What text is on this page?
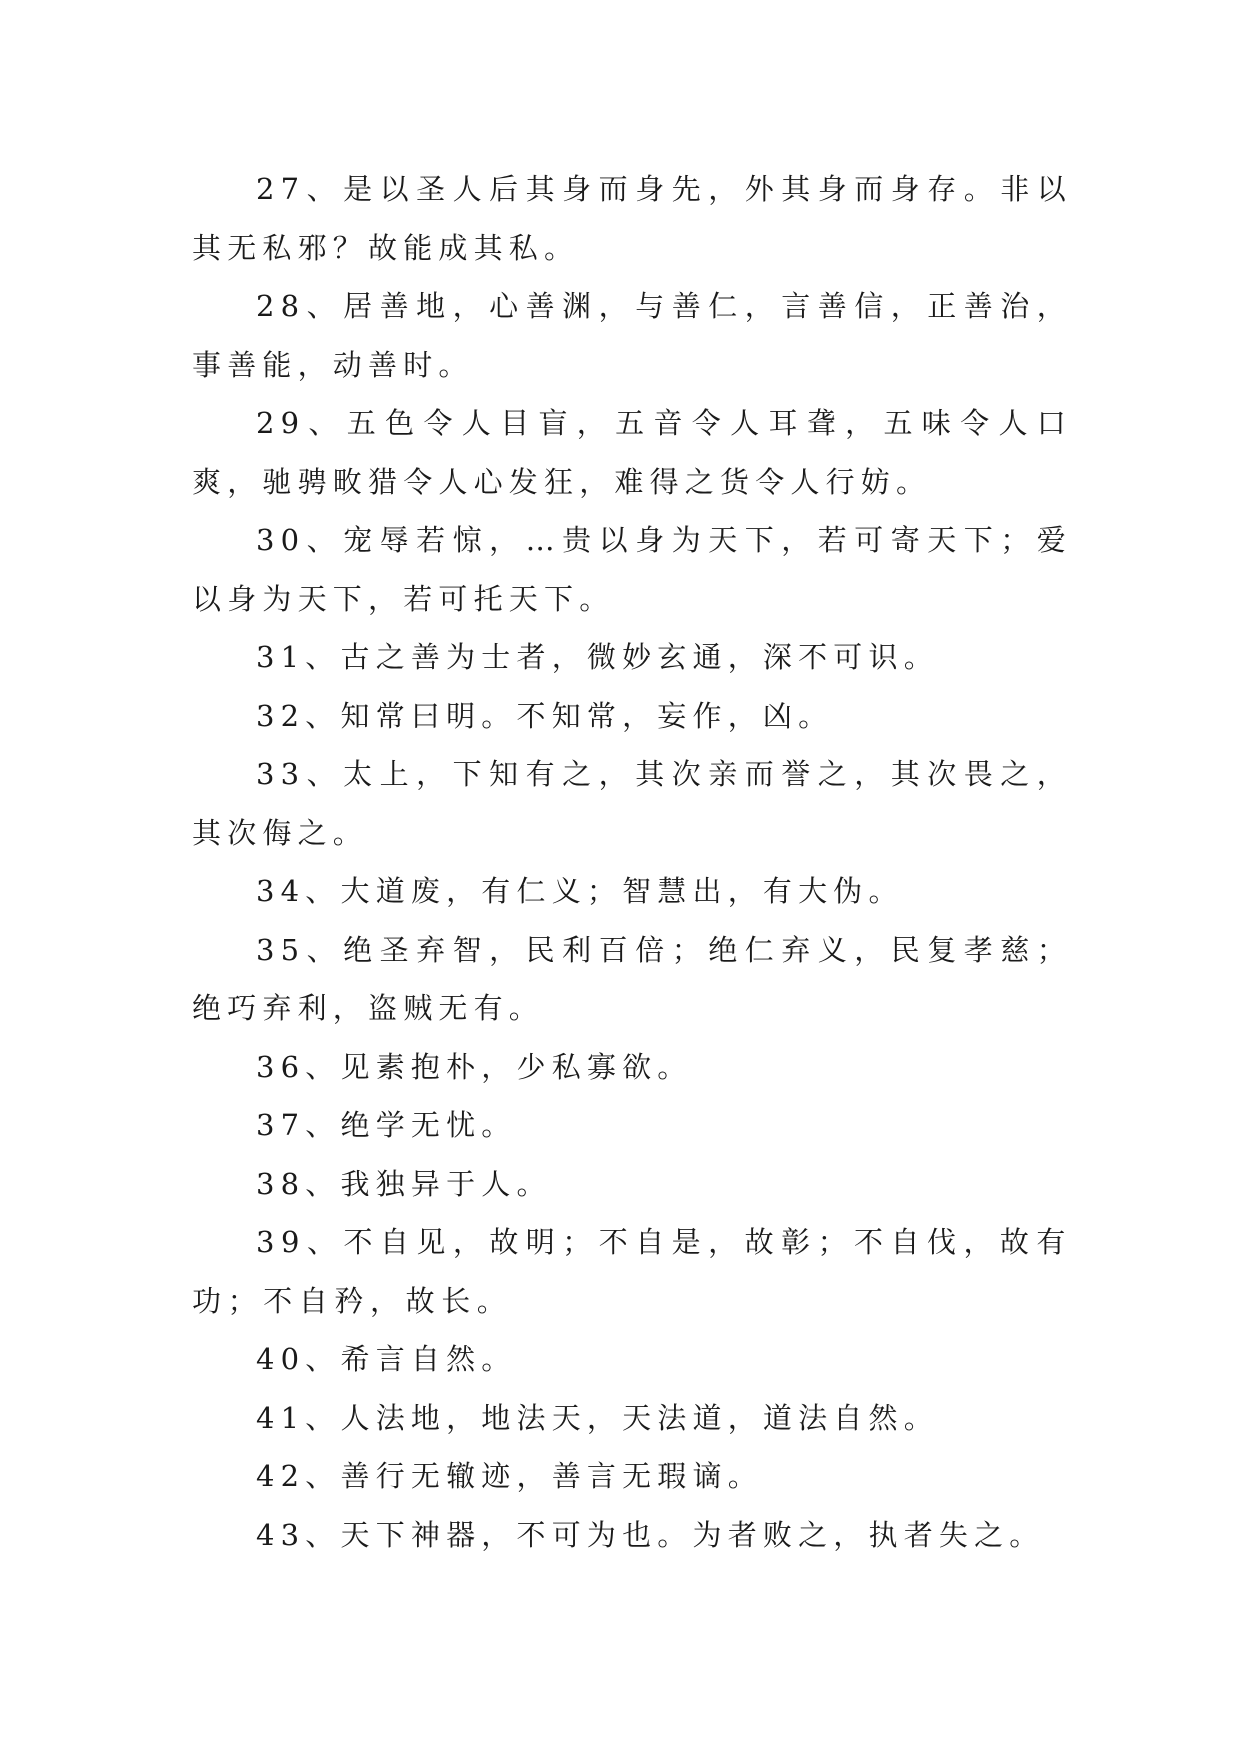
27、是以圣人后其身而身先，外其身而身存。非以其无私邪？故能成其私。

28、居善地，心善渊，与善仁，言善信，正善治，事善能，动善时。

29、五色令人目盲，五音令人耳聋，五味令人口爽，驰骋畋猎令人心发狂，难得之货令人行妨。

30、宠辱若惊，…贵以身为天下，若可寄天下；爱以身为天下，若可托天下。

31、古之善为士者，微妙玄通，深不可识。

32、知常曰明。不知常，妄作，凶。

33、太上，下知有之，其次亲而誉之，其次畏之，其次侮之。

34、大道废，有仁义；智慧出，有大伪。

35、绝圣弃智，民利百倍；绝仁弃义，民复孝慈；绝巧弃利，盗贼无有。

36、见素抱朴，少私寡欲。

37、绝学无忧。

38、我独异于人。

39、不自见，故明；不自是，故彰；不自伐，故有功；不自矜，故长。

40、希言自然。

41、人法地，地法天，天法道，道法自然。

42、善行无辙迹，善言无瑕谪。

43、天下神器，不可为也。为者败之，执者失之。
